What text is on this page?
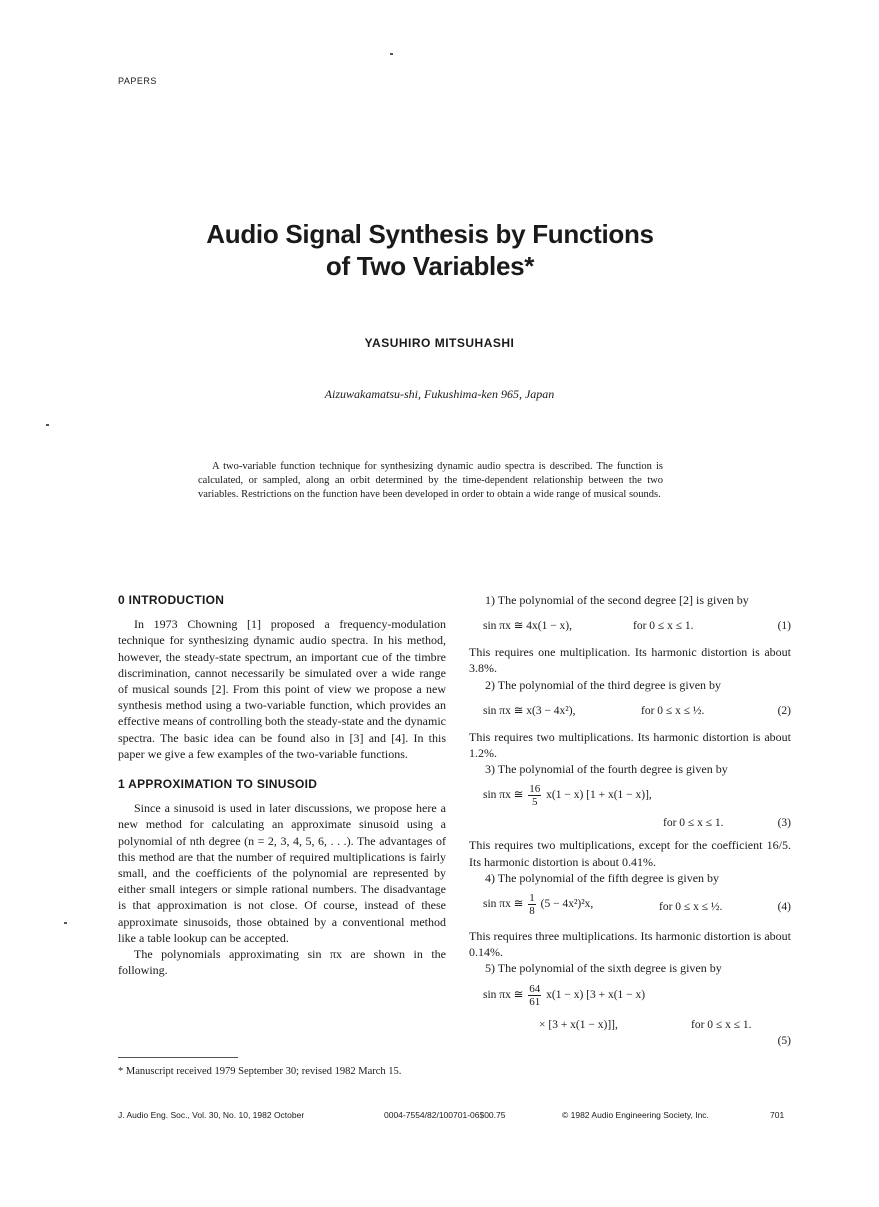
PAPERS
Audio Signal Synthesis by Functions
of Two Variables*
YASUHIRO MITSUHASHI
Aizuwakamatsu-shi, Fukushima-ken 965, Japan
A two-variable function technique for synthesizing dynamic audio spectra is described. The function is calculated, or sampled, along an orbit determined by the time-dependent relationship between the two variables. Restrictions on the function have been developed in order to obtain a wide range of musical sounds.
0 INTRODUCTION

In 1973 Chowning [1] proposed a frequency-modulation technique for synthesizing dynamic audio spectra. In his method, however, the steady-state spectrum, an important cue of the timbre discrimination, cannot necessarily be simulated over a wide range of musical sounds [2]. From this point of view we propose a new synthesis method using a two-variable function, which provides an effective means of controlling both the steady-state and the dynamic spectra. The basic idea can be found also in [3] and [4]. In this paper we give a few examples of the two-variable functions.

1 APPROXIMATION TO SINUSOID

Since a sinusoid is used in later discussions, we propose here a new method for calculating an approximate sinusoid using a polynomial of nth degree (n = 2, 3, 4, 5, 6, . . .). The advantages of this method are that the number of required multiplications is fairly small, and the coefficients of the polynomial are represented by either small integers or simple rational numbers. The disadvantage is that approximation is not close. Of course, instead of these approximate sinusoids, those obtained by a conventional method like a table lookup can be accepted.

The polynomials approximating sin πx are shown in the following.

1) The polynomial of the second degree [2] is given by

sin πx ≅ 4x(1 − x),	for 0 ≤ x ≤ 1.	(1)

This requires one multiplication. Its harmonic distortion is about 3.8%.

2) The polynomial of the third degree is given by

sin πx ≅ x(3 − 4x²),	for 0 ≤ x ≤ ½.	(2)

This requires two multiplications. Its harmonic distortion is about 1.2%.

3) The polynomial of the fourth degree is given by

sin πx ≅ $\frac{16}{5} x(1 - x) [1 + x(1 - x)]$,
for 0 ≤ x ≤ 1.	(3)

This requires two multiplications, except for the coefficient 16/5. Its harmonic distortion is about 0.41%.

4) The polynomial of the fifth degree is given by

sin πx ≅ $\frac{1}{8} (5 - 4x^2)^2x$,	for 0 ≤ x ≤ ½.	(4)

This requires three multiplications. Its harmonic distortion is about 0.14%.

5) The polynomial of the sixth degree is given by

sin πx ≅ $\frac{64}{61} x(1 - x) [3 + x(1 - x)$
× [3 + x(1 − x)]],	for 0 ≤ x ≤ 1.
(5)
* Manuscript received 1979 September 30; revised 1982 March 15.
J. Audio Eng. Soc., Vol. 30, No. 10, 1982 October	0004-7554/82/100701-06$00.75	© 1982 Audio Engineering Society, Inc.	701
